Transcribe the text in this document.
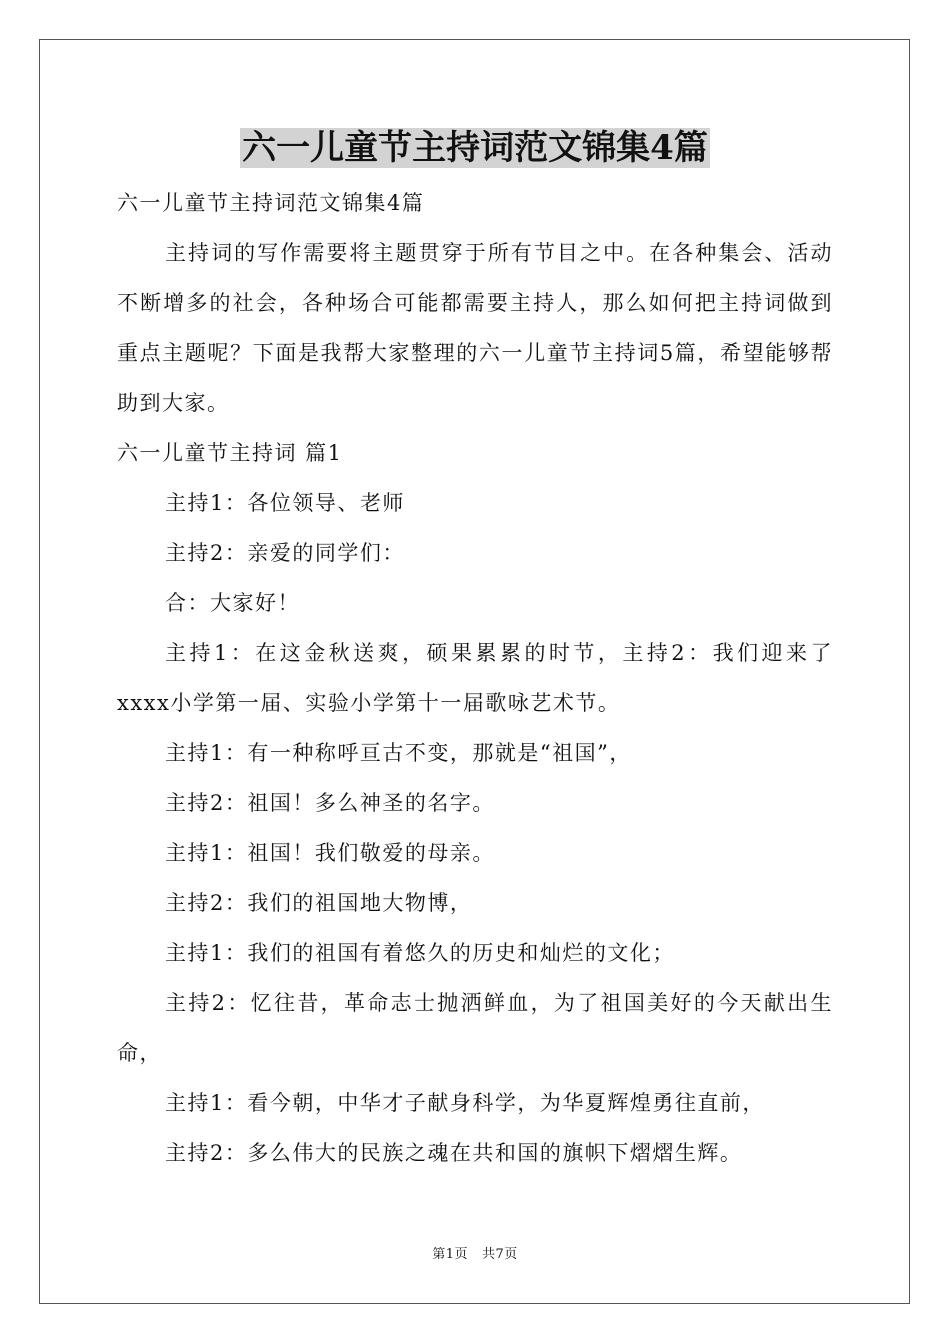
六一儿童节主持词范文锦集4篇

六一儿童节主持词范文锦集4篇

主持词的写作需要将主题贯穿于所有节目之中。在各种集会、活动不断增多的社会，各种场合可能都需要主持人，那么如何把主持词做到重点主题呢？下面是我帮大家整理的六一儿童节主持词5篇，希望能够帮助到大家。

六一儿童节主持词 篇1

主持1：各位领导、老师

主持2：亲爱的同学们：

合：大家好！

主持1：在这金秋送爽，硕果累累的时节，主持2：我们迎来了xxxx小学第一届、实验小学第十一届歌咏艺术节。

主持1：有一种称呼亘古不变，那就是“祖国”，

主持2：祖国！多么神圣的名字。

主持1：祖国！我们敬爱的母亲。

主持2：我们的祖国地大物博，

主持1：我们的祖国有着悠久的历史和灿烂的文化；

主持2：忆往昔，革命志士抛洒鲜血，为了祖国美好的今天献出生命，

主持1：看今朝，中华才子献身科学，为华夏辉煌勇往直前，

主持2：多么伟大的民族之魂在共和国的旗帜下熠熠生辉。

第1页 共7页
